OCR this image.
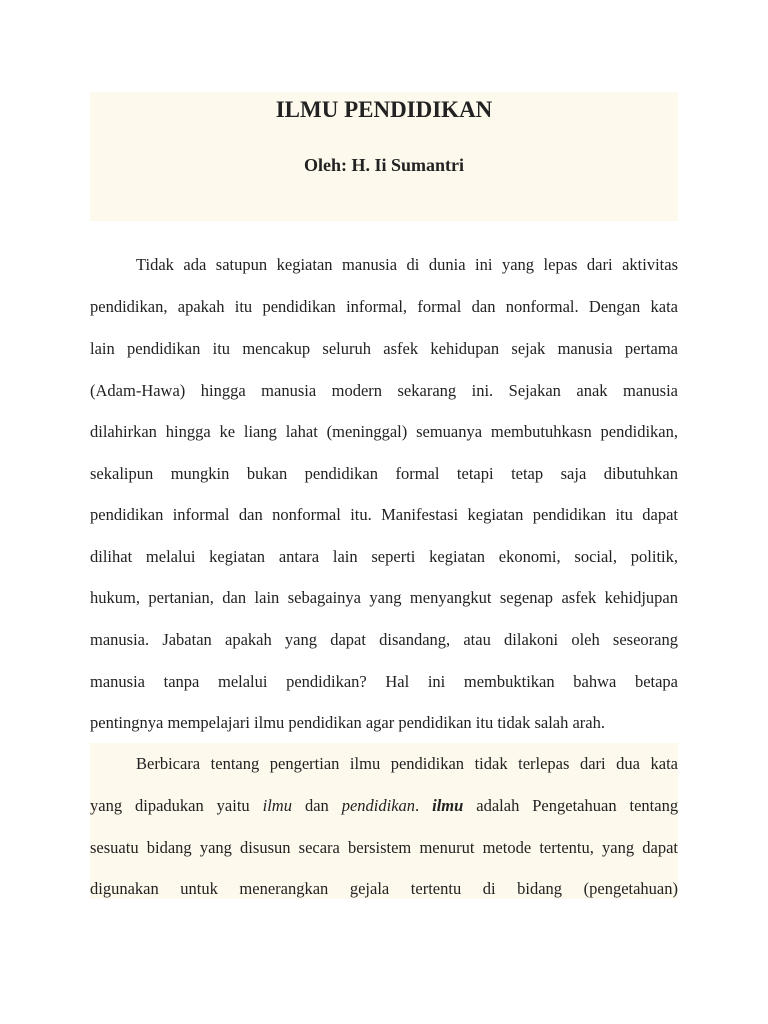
ILMU PENDIDIKAN
Oleh: H. Ii Sumantri
Tidak ada satupun kegiatan manusia di dunia ini yang lepas dari aktivitas
pendidikan, apakah itu pendidikan informal, formal dan nonformal. Dengan kata
lain pendidikan itu mencakup seluruh asfek kehidupan sejak manusia pertama
(Adam-Hawa) hingga manusia modern sekarang ini. Sejakan anak manusia
dilahirkan hingga ke liang lahat (meninggal) semuanya membutuhkasn pendidikan,
sekalipun mungkin bukan pendidikan formal tetapi tetap saja dibutuhkan
pendidikan informal dan nonformal itu. Manifestasi kegiatan pendidikan itu dapat
dilihat melalui kegiatan antara lain seperti kegiatan ekonomi, social, politik,
hukum, pertanian, dan lain sebagainya yang menyangkut segenap asfek kehidjupan
manusia. Jabatan apakah yang dapat disandang, atau dilakoni oleh seseorang
manusia tanpa melalui pendidikan? Hal ini membuktikan bahwa betapa
pentingnya mempelajari ilmu pendidikan agar pendidikan itu tidak salah arah.
Berbicara tentang pengertian ilmu pendidikan tidak terlepas dari dua kata
yang dipadukan yaitu ilmu dan pendidikan. ilmu adalah Pengetahuan tentang
sesuatu bidang yang disusun secara bersistem menurut metode tertentu, yang dapat
digunakan untuk menerangkan gejala tertentu di bidang (pengetahuan)
